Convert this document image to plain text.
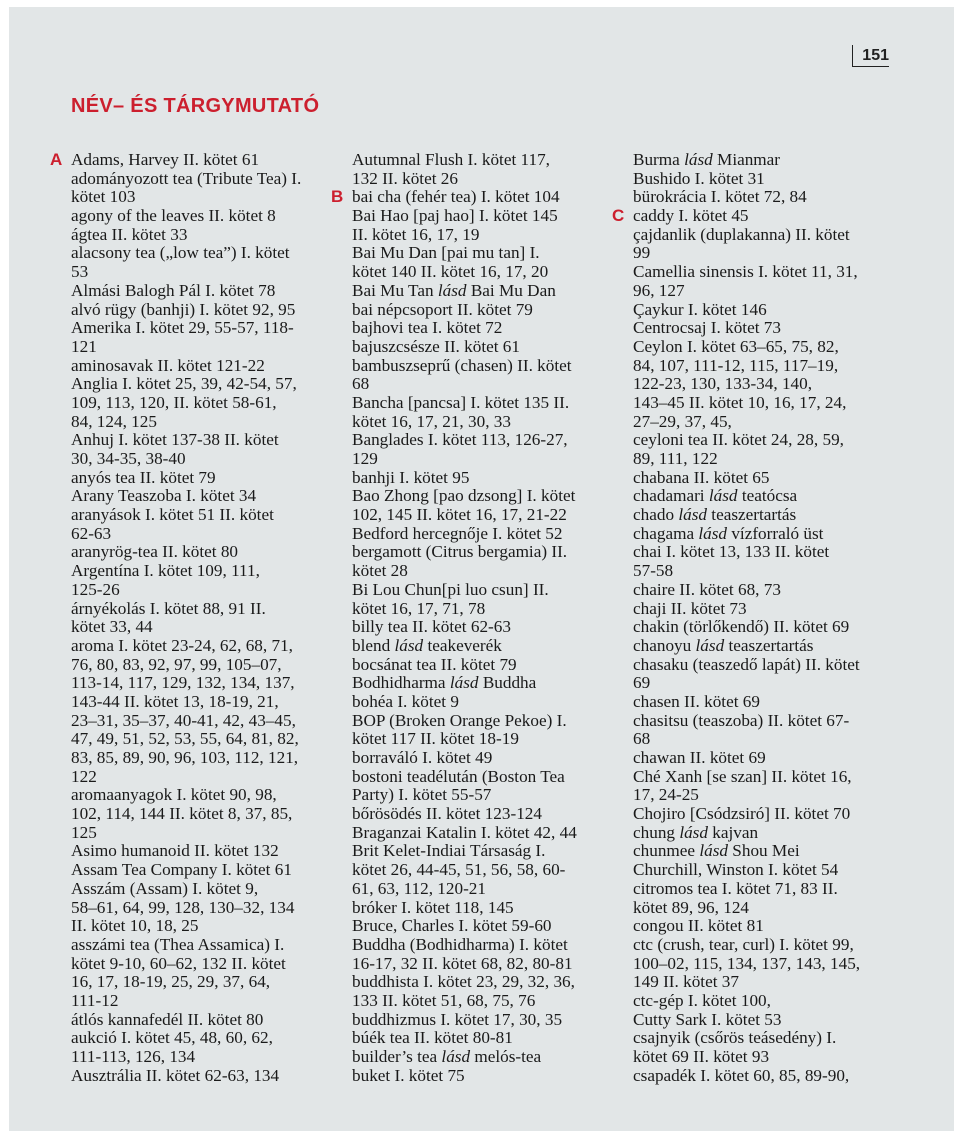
151
NÉV– ÉS TÁRGYMUTATÓ
A Adams, Harvey II. kötet 61
adományozott tea (Tribute Tea) I.
kötet 103
agony of the leaves II. kötet 8
ágtea II. kötet 33
alacsony tea („low tea”) I. kötet
53
Almási Balogh Pál I. kötet 78
alvó rügy (banhji) I. kötet 92, 95
Amerika I. kötet 29, 55-57, 118-
121
aminosavak II. kötet 121-22
Anglia I. kötet 25, 39, 42-54, 57,
109, 113, 120, II. kötet 58-61,
84, 124, 125
Anhuj I. kötet 137-38 II. kötet
30, 34-35, 38-40
anyós tea II. kötet 79
Arany Teaszoba I. kötet 34
aranyások I. kötet 51 II. kötet
62-63
aranyrög-tea II. kötet 80
Argentína I. kötet 109, 111,
125-26
árnyékolás I. kötet 88, 91 II.
kötet 33, 44
aroma I. kötet 23-24, 62, 68, 71,
76, 80, 83, 92, 97, 99, 105–07,
113-14, 117, 129, 132, 134, 137,
143-44 II. kötet 13, 18-19, 21,
23–31, 35–37, 40-41, 42, 43–45,
47, 49, 51, 52, 53, 55, 64, 81, 82,
83, 85, 89, 90, 96, 103, 112, 121,
122
aromaanyagok I. kötet 90, 98,
102, 114, 144 II. kötet 8, 37, 85,
125
Asimo humanoid II. kötet 132
Assam Tea Company I. kötet 61
Asszám (Assam) I. kötet 9,
58–61, 64, 99, 128, 130–32, 134
II. kötet 10, 18, 25
asszámi tea (Thea Assamica) I.
kötet 9-10, 60–62, 132 II. kötet
16, 17, 18-19, 25, 29, 37, 64,
111-12
átlós kannafedél II. kötet 80
aukció I. kötet 45, 48, 60, 62,
111-113, 126, 134
Ausztrália II. kötet 62-63, 134
Autumnal Flush I. kötet 117,
132 II. kötet 26
B bai cha (fehér tea) I. kötet 104
Bai Hao [paj hao] I. kötet 145
II. kötet 16, 17, 19
Bai Mu Dan [pai mu tan] I.
kötet 140 II. kötet 16, 17, 20
Bai Mu Tan lásd Bai Mu Dan
bai népcsoport II. kötet 79
bajhovi tea I. kötet 72
bajuszcsésze II. kötet 61
bambuszseprű (chasen) II. kötet
68
Bancha [pancsa] I. kötet 135 II.
kötet 16, 17, 21, 30, 33
Banglades I. kötet 113, 126-27,
129
banhji I. kötet 95
Bao Zhong [pao dzsong] I. kötet
102, 145 II. kötet 16, 17, 21-22
Bedford hercegnője I. kötet 52
bergamott (Citrus bergamia) II.
kötet 28
Bi Lou Chun[pi luo csun] II.
kötet 16, 17, 71, 78
billy tea II. kötet 62-63
blend lásd teakeverék
bocsánat tea II. kötet 79
Bodhidharma lásd Buddha
bohéa I. kötet 9
BOP (Broken Orange Pekoe) I.
kötet 117 II. kötet 18-19
borraváló I. kötet 49
bostoni teadélután (Boston Tea
Party) I. kötet 55-57
bőrösödés II. kötet 123-124
Braganzai Katalin I. kötet 42, 44
Brit Kelet-Indiai Társaság I.
kötet 26, 44-45, 51, 56, 58, 60-
61, 63, 112, 120-21
bróker I. kötet 118, 145
Bruce, Charles I. kötet 59-60
Buddha (Bodhidharma) I. kötet
16-17, 32 II. kötet 68, 82, 80-81
buddhista I. kötet 23, 29, 32, 36,
133 II. kötet 51, 68, 75, 76
buddhizmus I. kötet 17, 30, 35
búék tea II. kötet 80-81
builder’s tea lásd melós-tea
buket I. kötet 75
Burma lásd Mianmar
Bushido I. kötet 31
bürokrácia I. kötet 72, 84
C caddy I. kötet 45
çajdanlik (duplakanna) II. kötet
99
Camellia sinensis I. kötet 11, 31,
96, 127
Çaykur I. kötet 146
Centrocsaj I. kötet 73
Ceylon I. kötet 63–65, 75, 82,
84, 107, 111-12, 115, 117–19,
122-23, 130, 133-34, 140,
143–45 II. kötet 10, 16, 17, 24,
27–29, 37, 45,
ceyloni tea II. kötet 24, 28, 59,
89, 111, 122
chabana II. kötet 65
chadamari lásd teatócsa
chado lásd teaszertartás
chagama lásd vízforraló üst
chai I. kötet 13, 133 II. kötet
57-58
chaire II. kötet 68, 73
chaji II. kötet 73
chakin (törlőkendő) II. kötet 69
chanoyu lásd teaszertartás
chasaku (teaszedő lapát) II. kötet
69
chasen II. kötet 69
chasitsu (teaszoba) II. kötet 67-
68
chawan II. kötet 69
Ché Xanh [se szan] II. kötet 16,
17, 24-25
Chojiro [Csódzsiró] II. kötet 70
chung lásd kajvan
chunmee lásd Shou Mei
Churchill, Winston I. kötet 54
citromos tea I. kötet 71, 83 II.
kötet 89, 96, 124
congou II. kötet 81
ctc (crush, tear, curl) I. kötet 99,
100–02, 115, 134, 137, 143, 145,
149 II. kötet 37
ctc-gép I. kötet 100,
Cutty Sark I. kötet 53
csajnyik (csőrös teásedény) I.
kötet 69 II. kötet 93
csapadék I. kötet 60, 85, 89-90,
